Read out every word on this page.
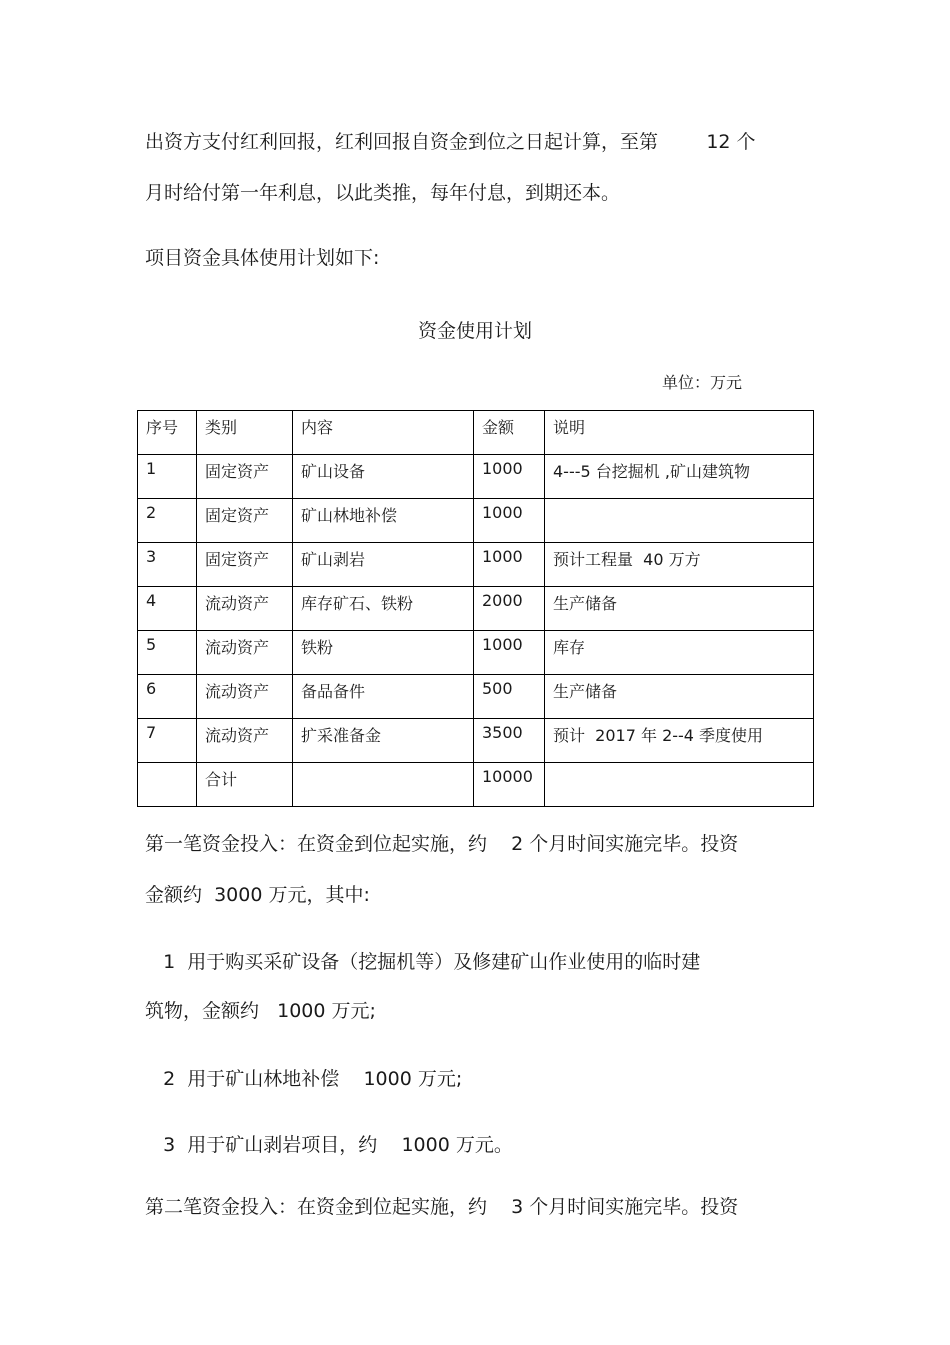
出资方支付红利回报，红利回报自资金到位之日起计算，至第        12 个
月时给付第一年利息，以此类推，每年付息，到期还本。
项目资金具体使用计划如下:
资金使用计划
单位：万元
序号	类别	内容	金额	说明
1	固定资产	矿山设备	1000	4---5 台挖掘机 ,矿山建筑物
2	固定资产	矿山林地补偿	1000	
3	固定资产	矿山剥岩	1000	预计工程量  40 万方
4	流动资产	库存矿石、铁粉	2000	生产储备
5	流动资产	铁粉	1000	库存
6	流动资产	备品备件	500	生产储备
7	流动资产	扩采准备金	3500	预计  2017 年 2--4 季度使用
	合计		10000	
第一笔资金投入：在资金到位起实施，约    2 个月时间实施完毕。投资
金额约  3000 万元，其中:
1  用于购买采矿设备（挖掘机等）及修建矿山作业使用的临时建
筑物，金额约   1000 万元;
2  用于矿山林地补偿    1000 万元;
3  用于矿山剥岩项目，约    1000 万元。
第二笔资金投入：在资金到位起实施，约    3 个月时间实施完毕。投资
